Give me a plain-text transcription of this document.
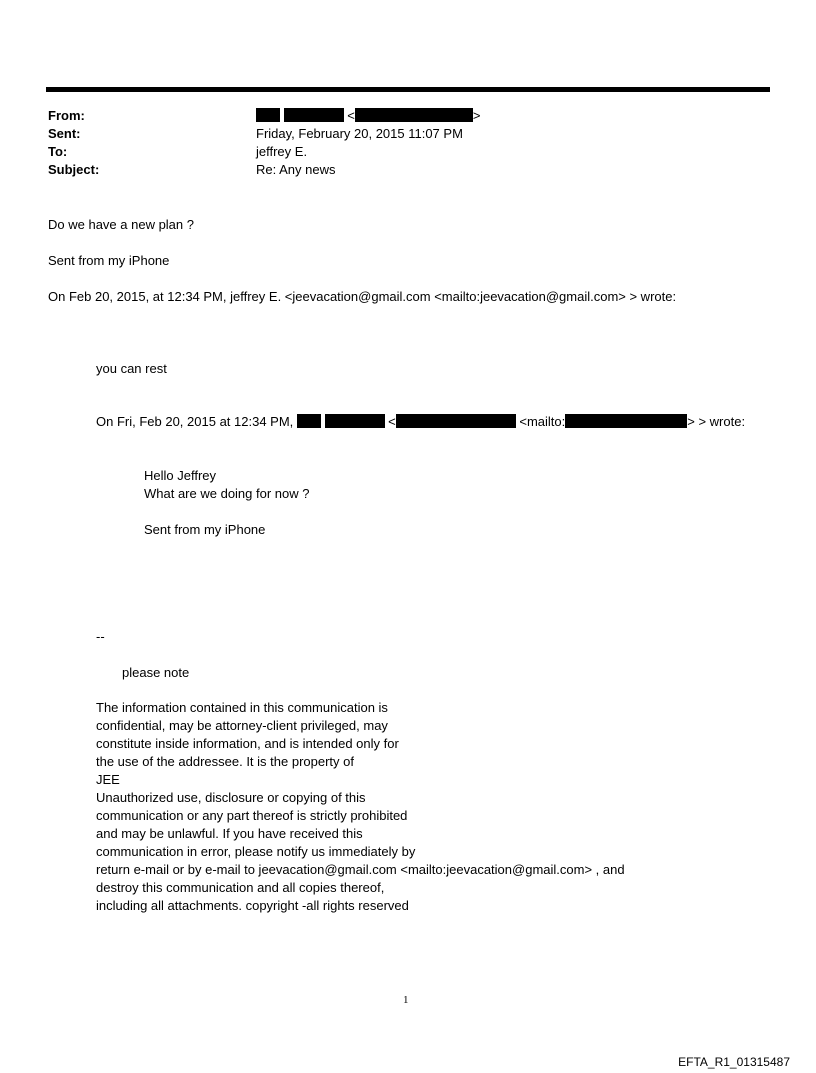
From:	<	>
Sent:	Friday, February 20, 2015 11:07 PM
To:	jeffrey E.
Subject:	Re: Any news
Do we have a new plan ?
Sent from my iPhone
On Feb 20, 2015, at 12:34 PM, jeffrey E. <jeevacation@gmail.com <mailto:jeevacation@gmail.com> > wrote:
you can rest
On Fri, Feb 20, 2015 at 12:34 PM,	<	<mailto:	> > wrote:
Hello Jeffrey
What are we doing for now ?
Sent from my iPhone
--
please note
The information contained in this communication is
confidential, may be attorney-client privileged, may
constitute inside information, and is intended only for
the use of the addressee. It is the property of
JEE
Unauthorized use, disclosure or copying of this
communication or any part thereof is strictly prohibited
and may be unlawful. If you have received this
communication in error, please notify us immediately by
return e-mail or by e-mail to jeevacation@gmail.com <mailto:jeevacation@gmail.com> , and
destroy this communication and all copies thereof,
including all attachments. copyright -all rights reserved
1
EFTA_R1_01315487
